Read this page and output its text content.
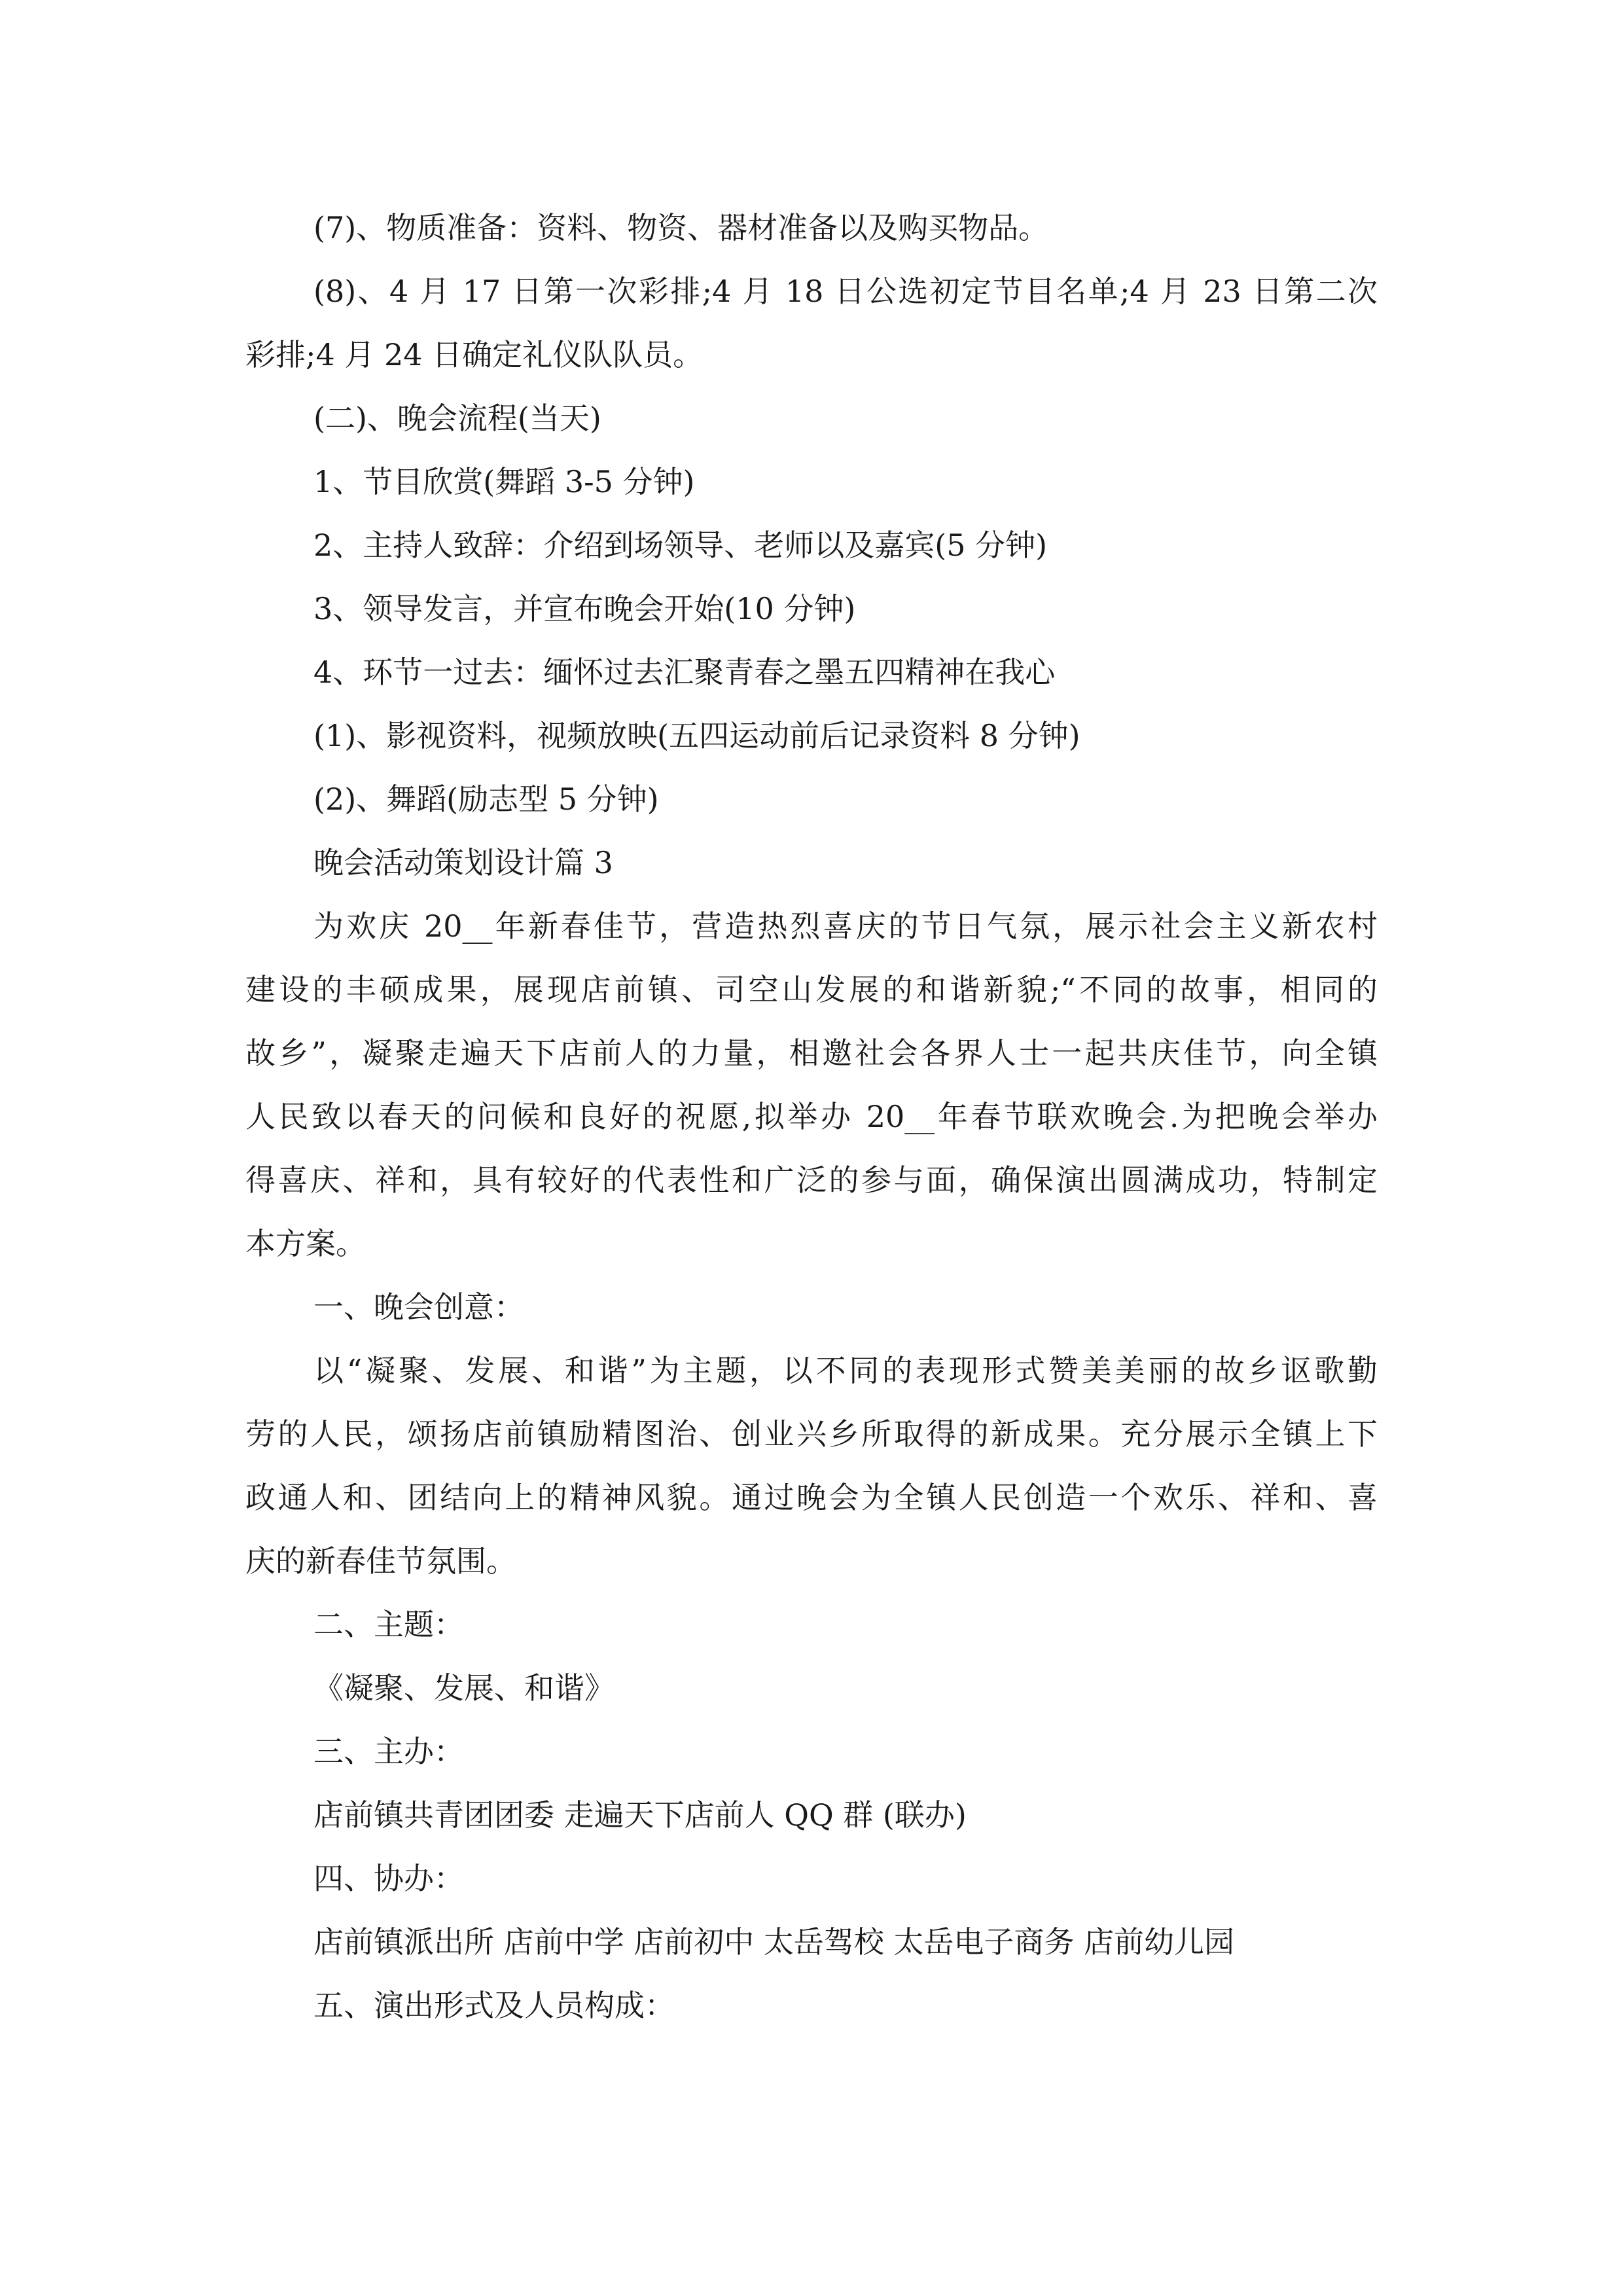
(7)、物质准备：资料、物资、器材准备以及购买物品。

(8)、4 月 17 日第一次彩排;4 月 18 日公选初定节目名单;4 月 23 日第二次

彩排;4 月 24 日确定礼仪队队员。

(二)、晚会流程(当天)

1、节目欣赏(舞蹈 3-5 分钟)

2、主持人致辞：介绍到场领导、老师以及嘉宾(5 分钟)

3、领导发言，并宣布晚会开始(10 分钟)

4、环节一过去：缅怀过去汇聚青春之墨五四精神在我心

(1)、影视资料，视频放映(五四运动前后记录资料 8 分钟)

(2)、舞蹈(励志型 5 分钟)

晚会活动策划设计篇 3

为欢庆 20__年新春佳节，营造热烈喜庆的节日气氛，展示社会主义新农村

建设的丰硕成果，展现店前镇、司空山发展的和谐新貌;“不同的故事，相同的

故乡”，凝聚走遍天下店前人的力量，相邀社会各界人士一起共庆佳节，向全镇

人民致以春天的问候和良好的祝愿,拟举办 20__年春节联欢晚会.为把晚会举办

得喜庆、祥和，具有较好的代表性和广泛的参与面，确保演出圆满成功，特制定

本方案。

一、晚会创意：

以“凝聚、发展、和谐”为主题，以不同的表现形式赞美美丽的故乡讴歌勤

劳的人民，颂扬店前镇励精图治、创业兴乡所取得的新成果。充分展示全镇上下

政通人和、团结向上的精神风貌。通过晚会为全镇人民创造一个欢乐、祥和、喜

庆的新春佳节氛围。

二、主题：

《凝聚、发展、和谐》

三、主办：

店前镇共青团团委 走遍天下店前人 QQ 群 (联办)

四、协办：

店前镇派出所 店前中学 店前初中 太岳驾校 太岳电子商务 店前幼儿园

五、演出形式及人员构成：
